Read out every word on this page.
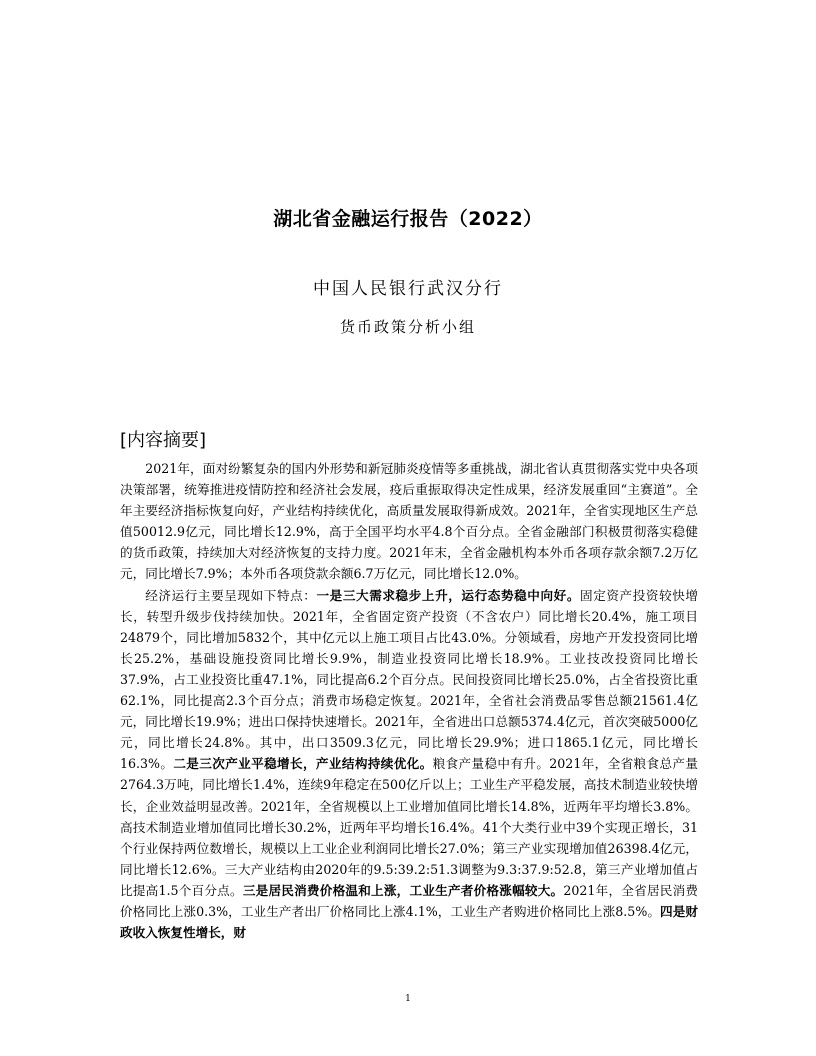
湖北省金融运行报告（2022）
中国人民银行武汉分行
货币政策分析小组
[内容摘要]

2021年，面对纷繁复杂的国内外形势和新冠肺炎疫情等多重挑战，湖北省认真贯彻落实党中央各项决策部署，统筹推进疫情防控和经济社会发展，疫后重振取得决定性成果，经济发展重回“主赛道”。全年主要经济指标恢复向好，产业结构持续优化，高质量发展取得新成效。2021年，全省实现地区生产总值50012.9亿元，同比增长12.9%，高于全国平均水平4.8个百分点。全省金融部门积极贯彻落实稳健的货币政策，持续加大对经济恢复的支持力度。2021年末，全省金融机构本外币各项存款余额7.2万亿元，同比增长7.9%；本外币各项贷款余额6.7万亿元，同比增长12.0%。

经济运行主要呈现如下特点：一是三大需求稳步上升，运行态势稳中向好。固定资产投资较快增长，转型升级步伐持续加快。2021年，全省固定资产投资（不含农户）同比增长20.4%，施工项目24879个，同比增加5832个，其中亿元以上施工项目占比43.0%。分领域看，房地产开发投资同比增长25.2%，基础设施投资同比增长9.9%，制造业投资同比增长18.9%。工业技改投资同比增长37.9%，占工业投资比重47.1%，同比提高6.2个百分点。民间投资同比增长25.0%，占全省投资比重62.1%，同比提高2.3个百分点；消费市场稳定恢复。2021年，全省社会消费品零售总额21561.4亿元，同比增长19.9%；进出口保持快速增长。2021年，全省进出口总额5374.4亿元，首次突破5000亿元，同比增长24.8%。其中，出口3509.3亿元，同比增长29.9%；进口1865.1亿元，同比增长16.3%。二是三次产业平稳增长，产业结构持续优化。粮食产量稳中有升。2021年，全省粮食总产量2764.3万吨，同比增长1.4%，连续9年稳定在500亿斤以上；工业生产平稳发展，高技术制造业较快增长，企业效益明显改善。2021年，全省规模以上工业增加值同比增长14.8%，近两年平均增长3.8%。高技术制造业增加值同比增长30.2%，近两年平均增长16.4%。41个大类行业中39个实现正增长，31个行业保持两位数增长，规模以上工业企业利润同比增长27.0%；第三产业实现增加值26398.4亿元，同比增长12.6%。三大产业结构由2020年的9.5:39.2:51.3调整为9.3:37.9:52.8，第三产业增加值占比提高1.5个百分点。三是居民消费价格温和上涨，工业生产者价格涨幅较大。2021年，全省居民消费价格同比上涨0.3%，工业生产者出厂价格同比上涨4.1%，工业生产者购进价格同比上涨8.5%。四是财政收入恢复性增长，财

1
